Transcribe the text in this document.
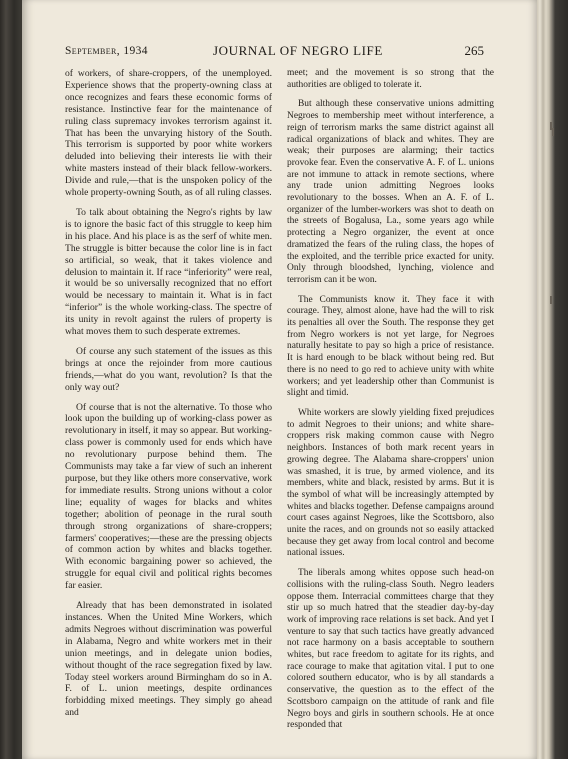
September, 1934	JOURNAL OF NEGRO LIFE	265

of workers, of share-croppers, of the unemployed. Experience shows that the property-owning class at once recognizes and fears these economic forms of resistance. Instinctive fear for the maintenance of ruling class supremacy invokes terrorism against it. That has been the unvarying history of the South. This terrorism is supported by poor white workers deluded into believing their interests lie with their white masters instead of their black fellow-workers. Divide and rule,—that is the unspoken policy of the whole property-owning South, as of all ruling classes.

To talk about obtaining the Negro's rights by law is to ignore the basic fact of this struggle to keep him in his place. And his place is as the serf of white men. The struggle is bitter because the color line is in fact so artificial, so weak, that it takes violence and delusion to maintain it. If race “inferiority” were real, it would be so universally recognized that no effort would be necessary to maintain it. What is in fact “inferior” is the whole working-class. The spectre of its unity in revolt against the rulers of property is what moves them to such desperate extremes.

Of course any such statement of the issues as this brings at once the rejoinder from more cautious friends,—what do you want, revolution? Is that the only way out?

Of course that is not the alternative. To those who look upon the building up of working-class power as revolutionary in itself, it may so appear. But working-class power is commonly used for ends which have no revolutionary purpose behind them. The Communists may take a far view of such an inherent purpose, but they like others more conservative, work for immediate results. Strong unions without a color line; equality of wages for blacks and whites together; abolition of peonage in the rural south through strong organizations of share-croppers; farmers' cooperatives;—these are the pressing objects of common action by whites and blacks together. With economic bargaining power so achieved, the struggle for equal civil and political rights becomes far easier.

Already that has been demonstrated in isolated instances. When the United Mine Workers, which admits Negroes without discrimination was powerful in Alabama, Negro and white workers met in their union meetings, and in delegate union bodies, without thought of the race segregation fixed by law. Today steel workers around Birmingham do so in A. F. of L. union meetings, despite ordinances forbidding mixed meetings. They simply go ahead and

meet; and the movement is so strong that the authorities are obliged to tolerate it.

But although these conservative unions admitting Negroes to membership meet without interference, a reign of terrorism marks the same district against all radical organizations of black and whites. They are weak; their purposes are alarming; their tactics provoke fear. Even the conservative A. F. of L. unions are not immune to attack in remote sections, where any trade union admitting Negroes looks revolutionary to the bosses. When an A. F. of L. organizer of the lumber-workers was shot to death on the streets of Bogalusa, La., some years ago while protecting a Negro organizer, the event at once dramatized the fears of the ruling class, the hopes of the exploited, and the terrible price exacted for unity. Only through bloodshed, lynching, violence and terrorism can it be won.

The Communists know it. They face it with courage. They, almost alone, have had the will to risk its penalties all over the South. The response they get from Negro workers is not yet large, for Negroes naturally hesitate to pay so high a price of resistance. It is hard enough to be black without being red. But there is no need to go red to achieve unity with white workers; and yet leadership other than Communist is slight and timid.

White workers are slowly yielding fixed prejudices to admit Negroes to their unions; and white share-croppers risk making common cause with Negro neighbors. Instances of both mark recent years in growing degree. The Alabama share-croppers' union was smashed, it is true, by armed violence, and its members, white and black, resisted by arms. But it is the symbol of what will be increasingly attempted by whites and blacks together. Defense campaigns around court cases against Negroes, like the Scottsboro, also unite the races, and on grounds not so easily attacked because they get away from local control and become national issues.

The liberals among whites oppose such head-on collisions with the ruling-class South. Negro leaders oppose them. Interracial committees charge that they stir up so much hatred that the steadier day-by-day work of improving race relations is set back. And yet I venture to say that such tactics have greatly advanced not race harmony on a basis acceptable to southern whites, but race freedom to agitate for its rights, and race courage to make that agitation vital. I put to one colored southern educator, who is by all standards a conservative, the question as to the effect of the Scottsboro campaign on the attitude of rank and file Negro boys and girls in southern schools. He at once responded that
